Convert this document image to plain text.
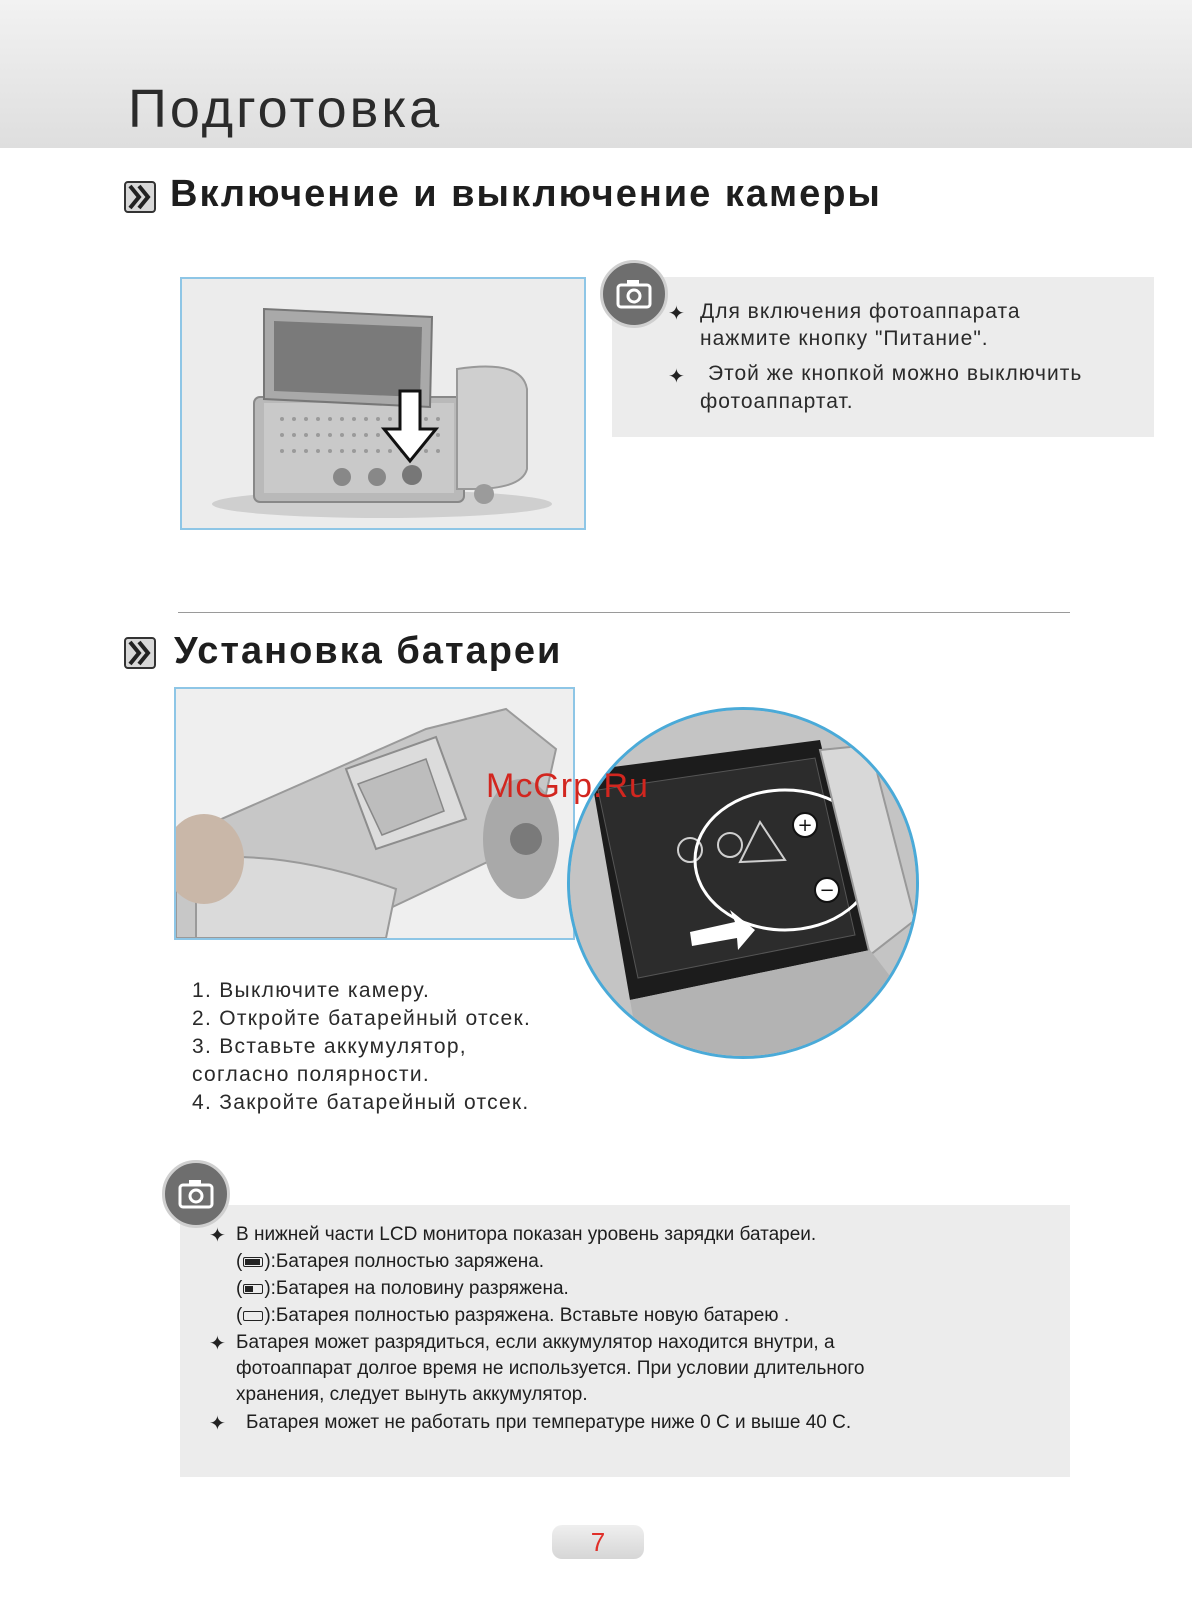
Подготовка
Включение и выключение камеры
✦ Для включения фотоаппарата
нажмите кнопку "Питание".
✦ Этой же кнопкой можно выключить
фотоаппартат.
Установка батареи
+
−
McGrp.Ru
1. Выключите камеру.
2. Откройте батарейный отсек.
3. Вставьте аккумулятор,
согласно полярности.
4. Закройте батарейный отсек.
✦ В нижней части LCD монитора показан уровень зарядки батареи.
( ):Батарея полностью заряжена.
( ):Батарея на половину разряжена.
( ):Батарея полностью разряжена. Вставьте новую батарею .
✦ Батарея может разрядиться, если аккумулятор находится внутри, а
фотоаппарат долгое время не используется. При условии длительного
хранения, следует вынуть аккумулятор.
✦ Батарея может не работать при температуре ниже 0 C и выше 40 C.
7
